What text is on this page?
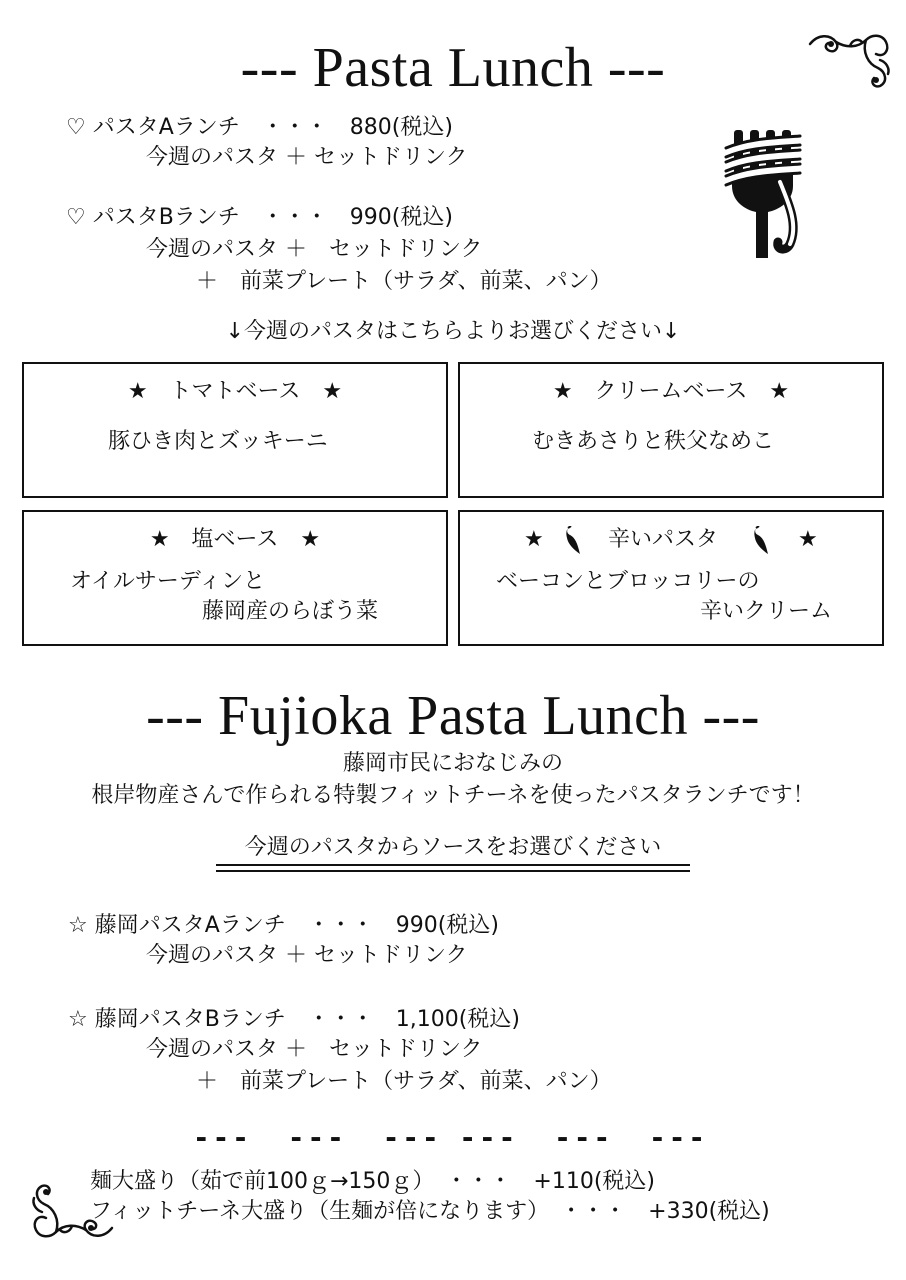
--- Pasta Lunch ---
♡ パスタAランチ　・・・　880(税込)
今週のパスタ ＋ セットドリンク
♡ パスタBランチ　・・・　990(税込)
今週のパスタ ＋　セットドリンク
＋　前菜プレート（サラダ、前菜、パン）
↓今週のパスタはこちらよりお選びください↓
★　トマトベース　★
豚ひき肉とズッキーニ
★　クリームベース　★
むきあさりと秩父なめこ
★　塩ベース　★
オイルサーディンと
藤岡産のらぼう菜
★	辛いパスタ	★
ベーコンとブロッコリーの
辛いクリーム
--- Fujioka Pasta Lunch ---
藤岡市民におなじみの
根岸物産さんで作られる特製フィットチーネを使ったパスタランチです！
今週のパスタからソースをお選びください
☆ 藤岡パスタAランチ　・・・　990(税込)
今週のパスタ ＋ セットドリンク
☆ 藤岡パスタBランチ　・・・　1,100(税込)
今週のパスタ ＋　セットドリンク
＋　前菜プレート（サラダ、前菜、パン）
---　---　--- ---　---　---
麺大盛り（茹で前100ｇ→150ｇ）　・・・　+110(税込)
フィットチーネ大盛り（生麺が倍になります）　・・・　+330(税込)
